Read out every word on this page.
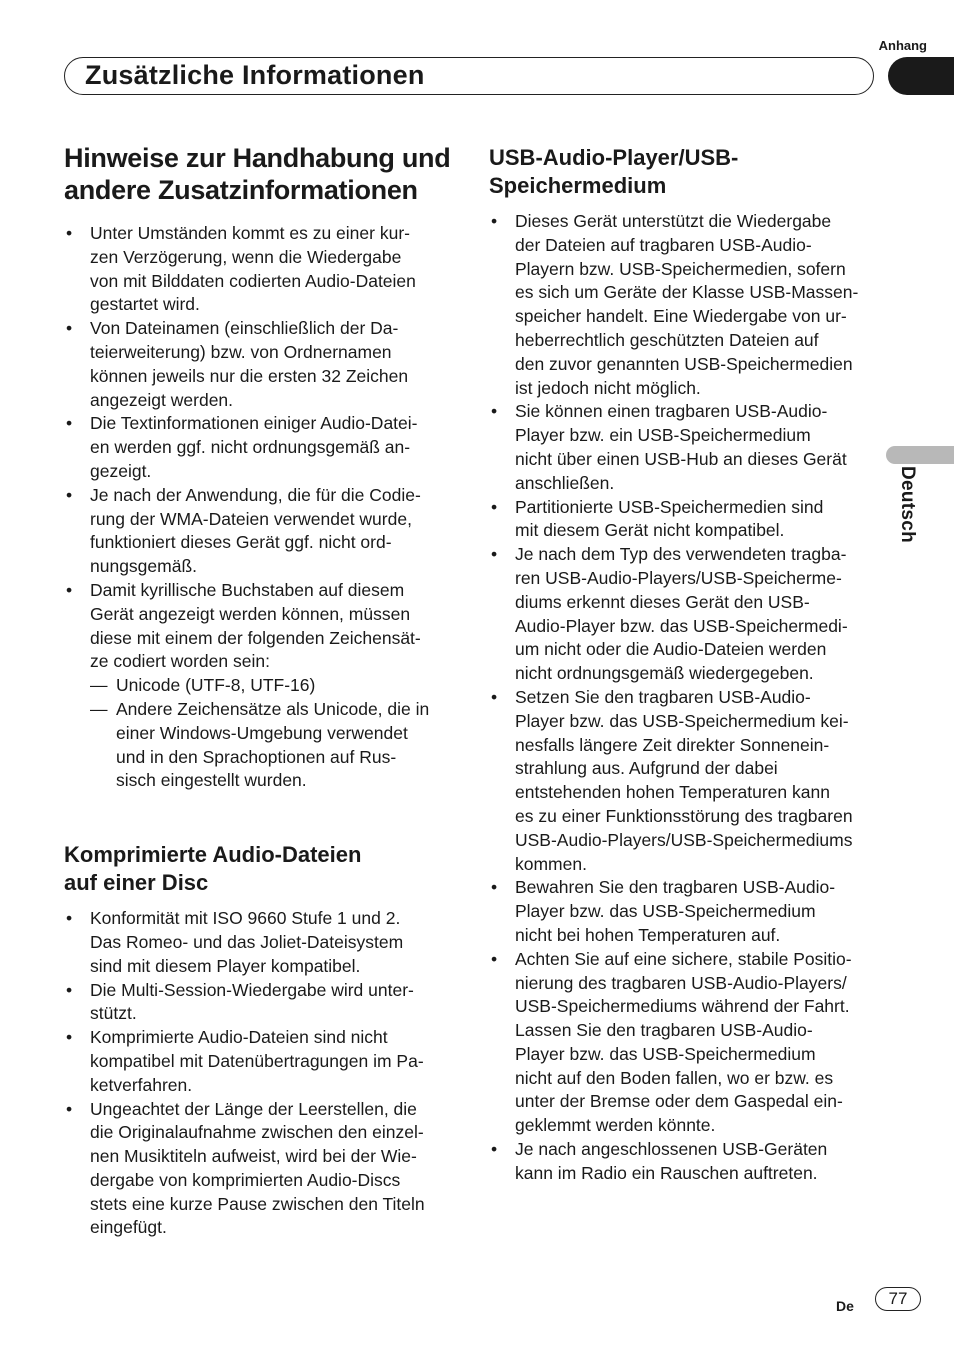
Anhang
Zusätzliche Informationen
Deutsch
Hinweise zur Handhabung und
andere Zusatzinformationen
• Unter Umständen kommt es zu einer kur-
zen Verzögerung, wenn die Wiedergabe
von mit Bilddaten codierten Audio-Dateien
gestartet wird.
• Von Dateinamen (einschließlich der Da-
teierweiterung) bzw. von Ordnernamen
können jeweils nur die ersten 32 Zeichen
angezeigt werden.
• Die Textinformationen einiger Audio-Datei-
en werden ggf. nicht ordnungsgemäß an-
gezeigt.
• Je nach der Anwendung, die für die Codie-
rung der WMA-Dateien verwendet wurde,
funktioniert dieses Gerät ggf. nicht ord-
nungsgemäß.
• Damit kyrillische Buchstaben auf diesem
Gerät angezeigt werden können, müssen
diese mit einem der folgenden Zeichensät-
ze codiert worden sein:
— Unicode (UTF-8, UTF-16)
— Andere Zeichensätze als Unicode, die in
einer Windows-Umgebung verwendet
und in den Sprachoptionen auf Rus-
sisch eingestellt wurden.
Komprimierte Audio-Dateien
auf einer Disc
• Konformität mit ISO 9660 Stufe 1 und 2.
Das Romeo- und das Joliet-Dateisystem
sind mit diesem Player kompatibel.
• Die Multi-Session-Wiedergabe wird unter-
stützt.
• Komprimierte Audio-Dateien sind nicht
kompatibel mit Datenübertragungen im Pa-
ketverfahren.
• Ungeachtet der Länge der Leerstellen, die
die Originalaufnahme zwischen den einzel-
nen Musiktiteln aufweist, wird bei der Wie-
dergabe von komprimierten Audio-Discs
stets eine kurze Pause zwischen den Titeln
eingefügt.
USB-Audio-Player/USB-
Speichermedium
• Dieses Gerät unterstützt die Wiedergabe
der Dateien auf tragbaren USB-Audio-
Playern bzw. USB-Speichermedien, sofern
es sich um Geräte der Klasse USB-Massen-
speicher handelt. Eine Wiedergabe von ur-
heberrechtlich geschützten Dateien auf
den zuvor genannten USB-Speichermedien
ist jedoch nicht möglich.
• Sie können einen tragbaren USB-Audio-
Player bzw. ein USB-Speichermedium
nicht über einen USB-Hub an dieses Gerät
anschließen.
• Partitionierte USB-Speichermedien sind
mit diesem Gerät nicht kompatibel.
• Je nach dem Typ des verwendeten tragba-
ren USB-Audio-Players/USB-Speicherme-
diums erkennt dieses Gerät den USB-
Audio-Player bzw. das USB-Speichermedi-
um nicht oder die Audio-Dateien werden
nicht ordnungsgemäß wiedergegeben.
• Setzen Sie den tragbaren USB-Audio-
Player bzw. das USB-Speichermedium kei-
nesfalls längere Zeit direkter Sonnenein-
strahlung aus. Aufgrund der dabei
entstehenden hohen Temperaturen kann
es zu einer Funktionsstörung des tragbaren
USB-Audio-Players/USB-Speichermediums
kommen.
• Bewahren Sie den tragbaren USB-Audio-
Player bzw. das USB-Speichermedium
nicht bei hohen Temperaturen auf.
• Achten Sie auf eine sichere, stabile Positio-
nierung des tragbaren USB-Audio-Players/
USB-Speichermediums während der Fahrt.
Lassen Sie den tragbaren USB-Audio-
Player bzw. das USB-Speichermedium
nicht auf den Boden fallen, wo er bzw. es
unter der Bremse oder dem Gaspedal ein-
geklemmt werden könnte.
• Je nach angeschlossenen USB-Geräten
kann im Radio ein Rauschen auftreten.
De	77
